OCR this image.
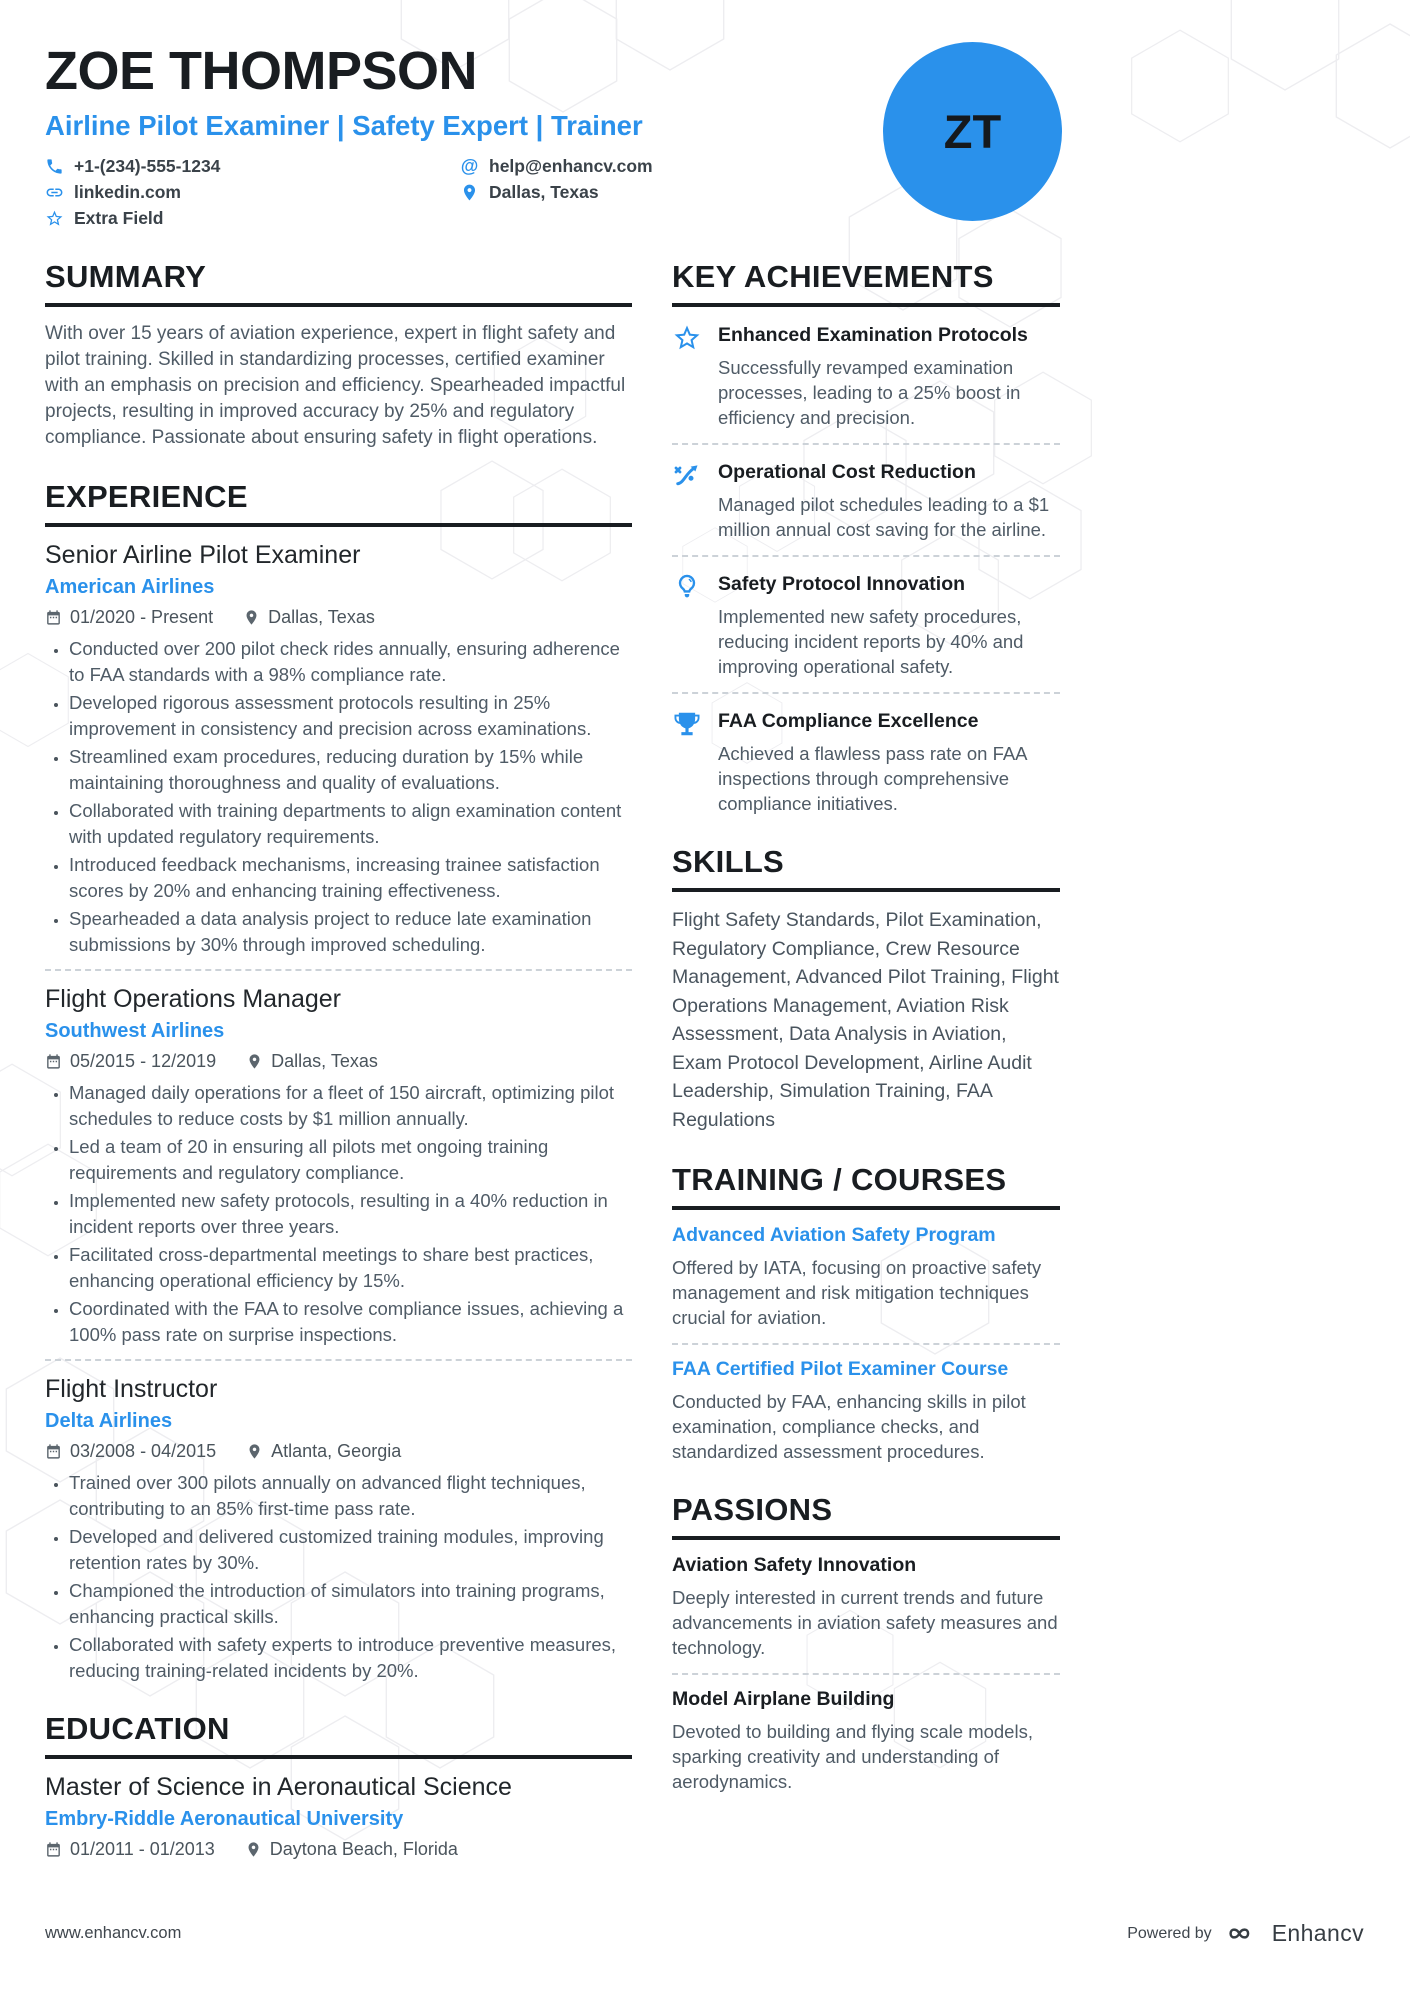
ZOE THOMPSON
Airline Pilot Examiner | Safety Expert | Trainer
+1-(234)-555-1234
linkedin.com
Extra Field
@ help@enhancv.com
Dallas, Texas
ZT
SUMMARY

With over 15 years of aviation experience, expert in flight safety and pilot training. Skilled in standardizing processes, certified examiner with an emphasis on precision and efficiency. Spearheaded impactful projects, resulting in improved accuracy by 25% and regulatory compliance. Passionate about ensuring safety in flight operations.

EXPERIENCE
Senior Airline Pilot Examiner
American Airlines
01/2020 - Present	Dallas, Texas
• Conducted over 200 pilot check rides annually, ensuring adherence to FAA standards with a 98% compliance rate.
• Developed rigorous assessment protocols resulting in 25% improvement in consistency and precision across examinations.
• Streamlined exam procedures, reducing duration by 15% while maintaining thoroughness and quality of evaluations.
• Collaborated with training departments to align examination content with updated regulatory requirements.
• Introduced feedback mechanisms, increasing trainee satisfaction scores by 20% and enhancing training effectiveness.
• Spearheaded a data analysis project to reduce late examination submissions by 30% through improved scheduling.
Flight Operations Manager
Southwest Airlines
05/2015 - 12/2019	Dallas, Texas
• Managed daily operations for a fleet of 150 aircraft, optimizing pilot schedules to reduce costs by $1 million annually.
• Led a team of 20 in ensuring all pilots met ongoing training requirements and regulatory compliance.
• Implemented new safety protocols, resulting in a 40% reduction in incident reports over three years.
• Facilitated cross-departmental meetings to share best practices, enhancing operational efficiency by 15%.
• Coordinated with the FAA to resolve compliance issues, achieving a 100% pass rate on surprise inspections.
Flight Instructor
Delta Airlines
03/2008 - 04/2015	Atlanta, Georgia
• Trained over 300 pilots annually on advanced flight techniques, contributing to an 85% first-time pass rate.
• Developed and delivered customized training modules, improving retention rates by 30%.
• Championed the introduction of simulators into training programs, enhancing practical skills.
• Collaborated with safety experts to introduce preventive measures, reducing training-related incidents by 20%.
EDUCATION
Master of Science in Aeronautical Science
Embry-Riddle Aeronautical University
01/2011 - 01/2013	Daytona Beach, Florida
KEY ACHIEVEMENTS
Enhanced Examination Protocols

Successfully revamped examination processes, leading to a 25% boost in efficiency and precision.

Operational Cost Reduction

Managed pilot schedules leading to a $1 million annual cost saving for the airline.

Safety Protocol Innovation

Implemented new safety procedures, reducing incident reports by 40% and improving operational safety.

FAA Compliance Excellence

Achieved a flawless pass rate on FAA inspections through comprehensive compliance initiatives.

SKILLS

Flight Safety Standards, Pilot Examination, Regulatory Compliance, Crew Resource Management, Advanced Pilot Training, Flight Operations Management, Aviation Risk Assessment, Data Analysis in Aviation, Exam Protocol Development, Airline Audit Leadership, Simulation Training, FAA Regulations

TRAINING / COURSES
Advanced Aviation Safety Program

Offered by IATA, focusing on proactive safety management and risk mitigation techniques crucial for aviation.

FAA Certified Pilot Examiner Course

Conducted by FAA, enhancing skills in pilot examination, compliance checks, and standardized assessment procedures.

PASSIONS
Aviation Safety Innovation

Deeply interested in current trends and future advancements in aviation safety measures and technology.

Model Airplane Building

Devoted to building and flying scale models, sparking creativity and understanding of aerodynamics.

www.enhancv.com	Powered by	Enhancv
